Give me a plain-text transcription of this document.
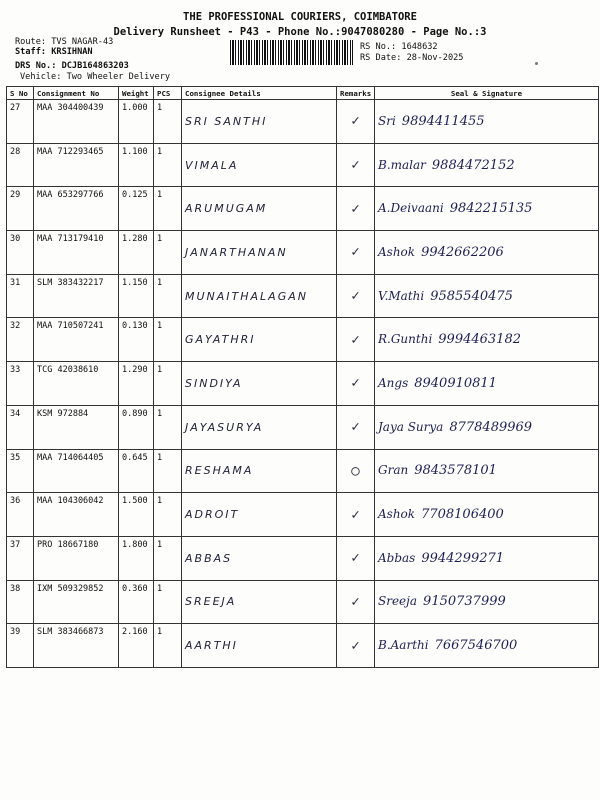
THE PROFESSIONAL COURIERS, COIMBATORE
Delivery Runsheet - P43 - Phone No.:9047080280 - Page No.:3
Route: TVS NAGAR-43
Staff: KRSIHNAN
DRS No.: DCJB164863203
Vehicle: Two Wheeler Delivery
RS No.: 1648632
RS Date: 28-Nov-2025
S No	Consignment No	Weight	PCS	Consignee Details	Remarks	Seal & Signature
27	MAA 304400439	1.000	1	SRI SANTHI	✓	Sri 9894411455
28	MAA 712293465	1.100	1	VIMALA	✓	B.malar 9884472152
29	MAA 653297766	0.125	1	ARUMUGAM	✓	A.Deivaani 9842215135
30	MAA 713179410	1.280	1	JANARTHANAN	✓	Ashok 9942662206
31	SLM 383432217	1.150	1	MUNAITHALAGAN	✓	V.Mathi 9585540475
32	MAA 710507241	0.130	1	GAYATHRI	✓	R.Gunthi 9994463182
33	TCG 42038610	1.290	1	SINDIYA	✓	Angs 8940910811
34	KSM 972884	0.890	1	JAYASURYA	✓	Jaya Surya 8778489969
35	MAA 714064405	0.645	1	RESHAMA	○	Gran 9843578101
36	MAA 104306042	1.500	1	ADROIT	✓	Ashok 7708106400
37	PRO 18667180	1.800	1	ABBAS	✓	Abbas 9944299271
38	IXM 509329852	0.360	1	SREEJA	✓	Sreeja 9150737999
39	SLM 383466873	2.160	1	AARTHI	✓	B.Aarthi 7667546700
